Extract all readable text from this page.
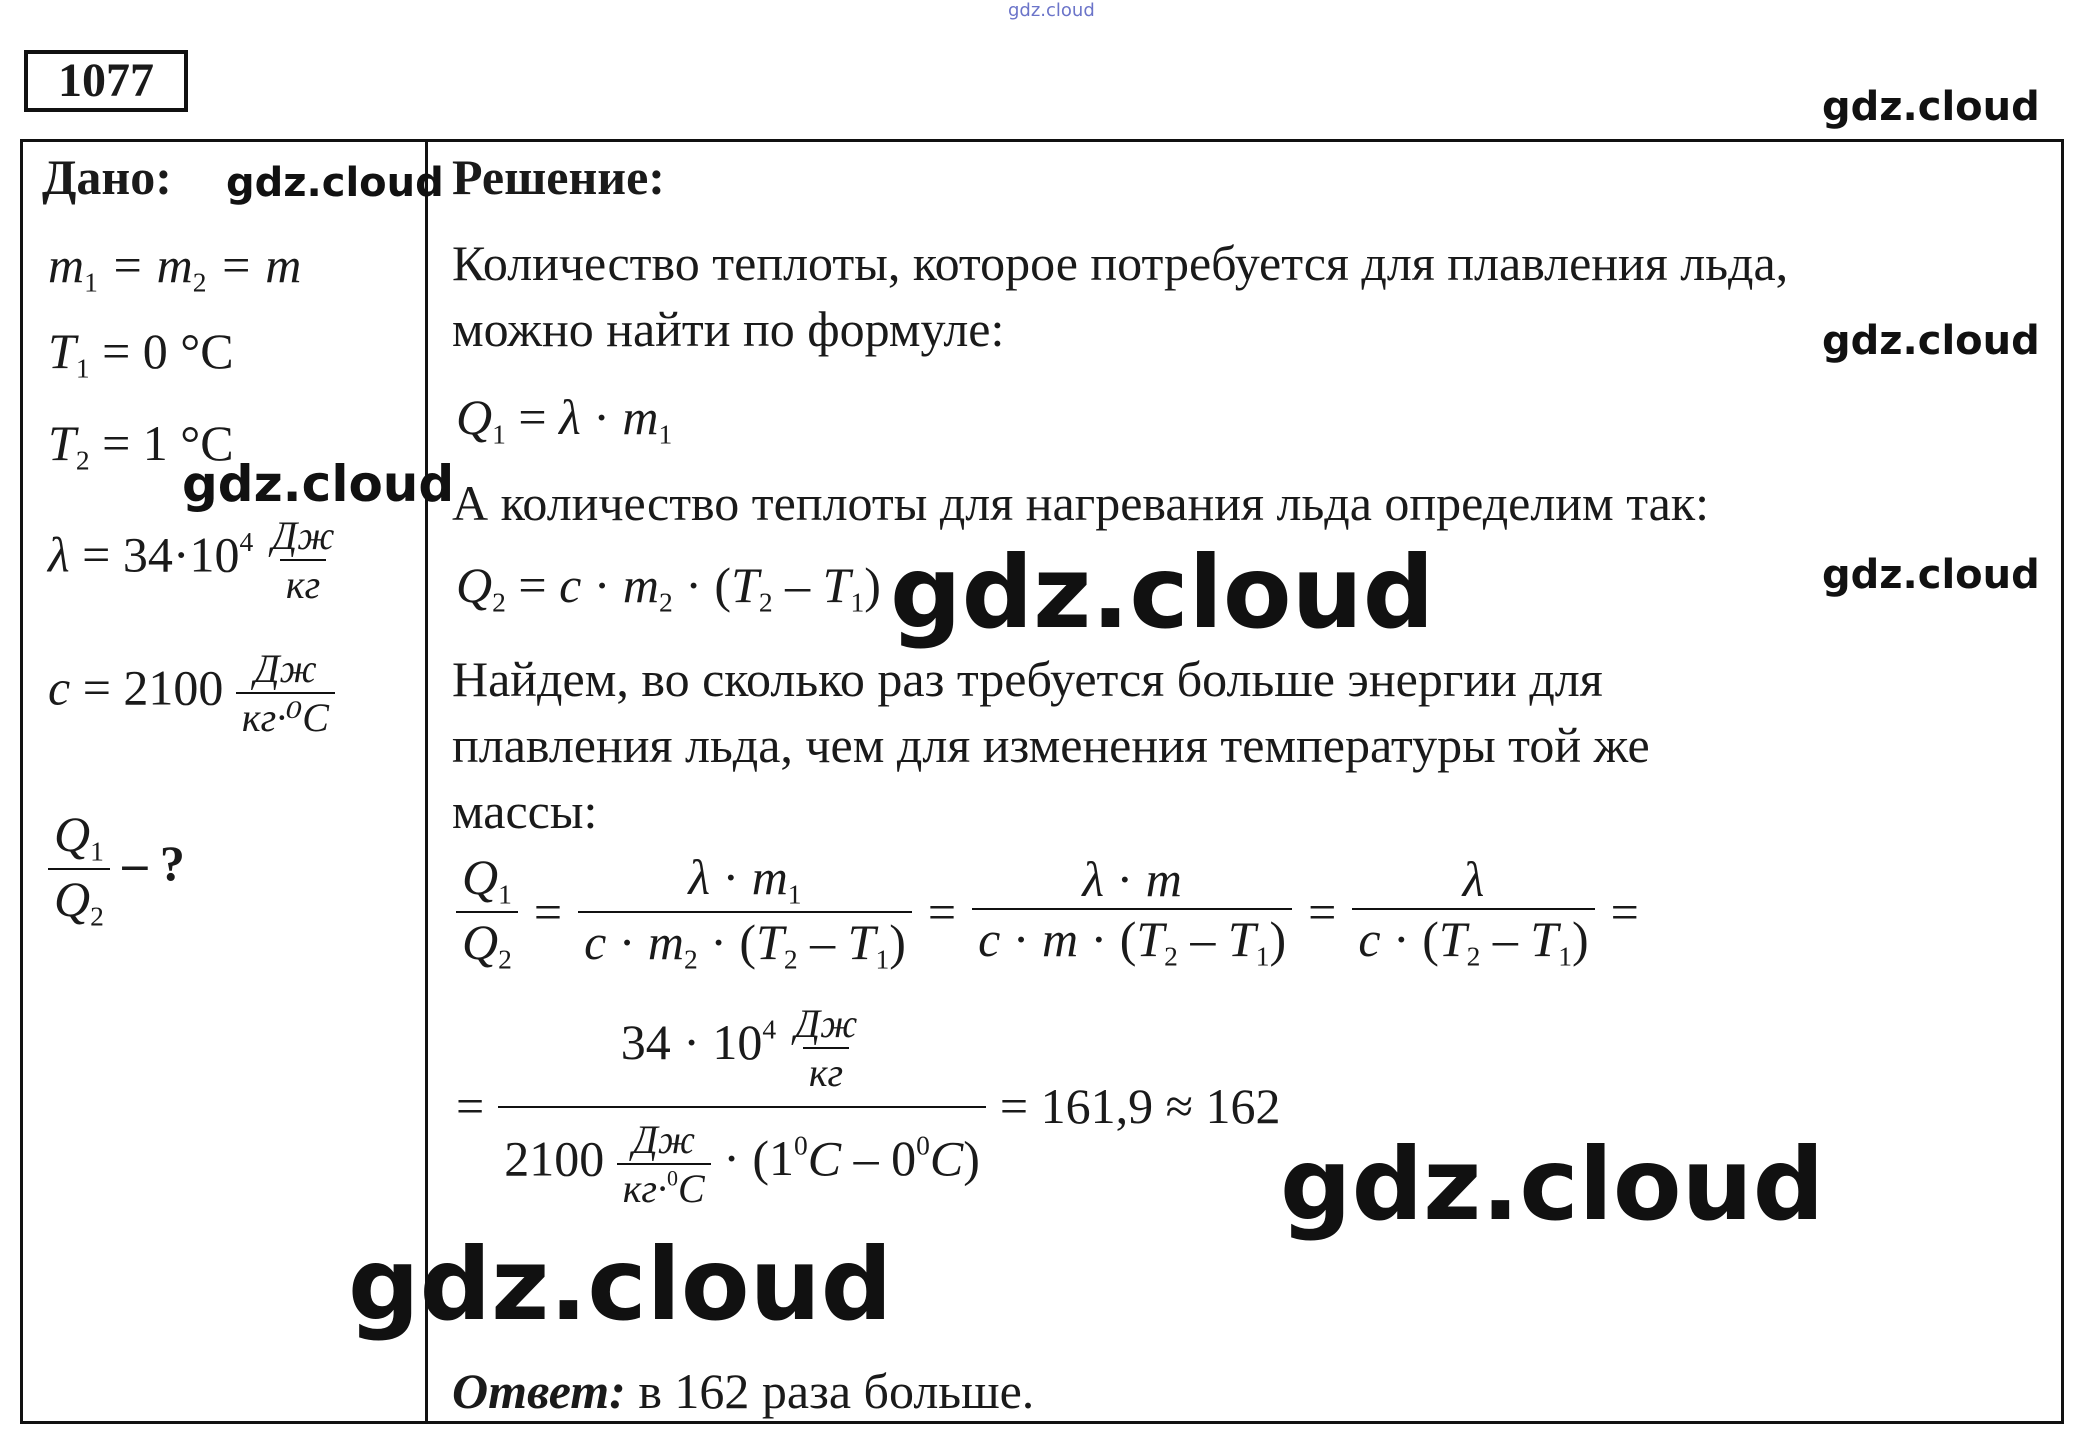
gdz.cloud
gdz.cloud
1077
Дано: gdz.cloud
$m_1 = m_2 = m$
$T_1 = 0$ °C
$T_2 = 1$ °C
gdz.cloud
$\lambda = 34\cdot 10^4$ Дж
кг
c = 2100 Дж
кг·⁰C
$\frac{Q_1}{Q_2}$ – ?
Решение:
Количество теплоты, которое потребуется для плавления льда,
можно найти по формуле:	gdz.cloud
$Q_1 = \lambda \cdot m_1$
А количество теплоты для нагревания льда определим так:
$Q_2 = c \cdot m_2 \cdot (T_2 - T_1)$ gdz.cloud	gdz.cloud
Найдем, во сколько раз требуется больше энергии для
плавления льда, чем для изменения температуры той же
массы:
$\frac{Q_1}{Q_2} = \frac{\lambda \cdot m_1}{c \cdot m_2 \cdot (T_2 - T_1)} = \frac{\lambda \cdot m}{c \cdot m \cdot (T_2 - T_1)} = \frac{\lambda}{c \cdot (T_2 - T_1)}$ =
=
$34 \cdot 10^4$ Дж
кг
2100 Дж
кг·$^0$C
· $(1^0C - 0^0C)$
= 161,9 ≈ 162
gdz.cloud
gdz.cloud
Ответ: в 162 раза больше.
